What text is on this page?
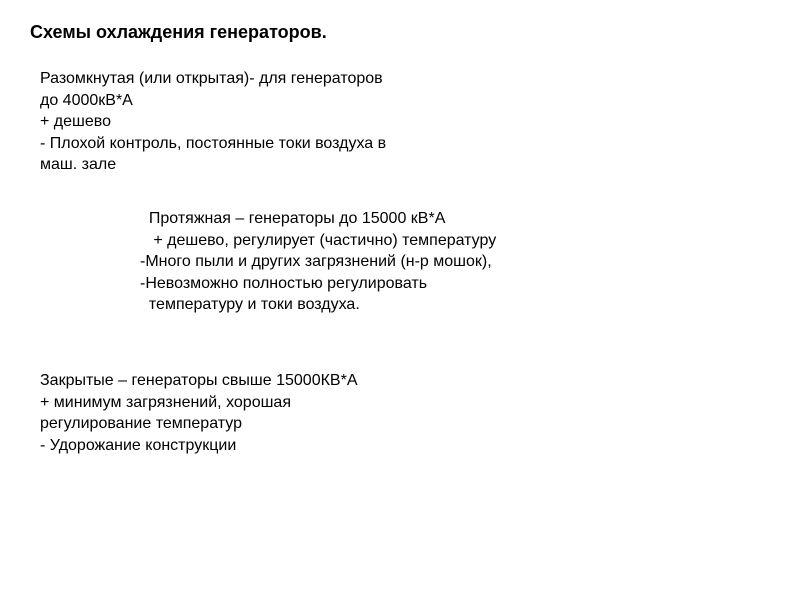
Схемы охлаждения генераторов.
Разомкнутая (или открытая)- для генераторов
до 4000кВ*А
+ дешево
- Плохой контроль, постоянные токи воздуха в
маш. зале
Протяжная – генераторы до 15000 кВ*А
+ дешево, регулирует (частично) температуру
-Много пыли и других загрязнений (н-р мошок),
-Невозможно полностью регулировать
температуру и токи воздуха.
Закрытые – генераторы свыше 15000КВ*А
+ минимум загрязнений, хорошая
регулирование температур
- Удорожание конструкции
